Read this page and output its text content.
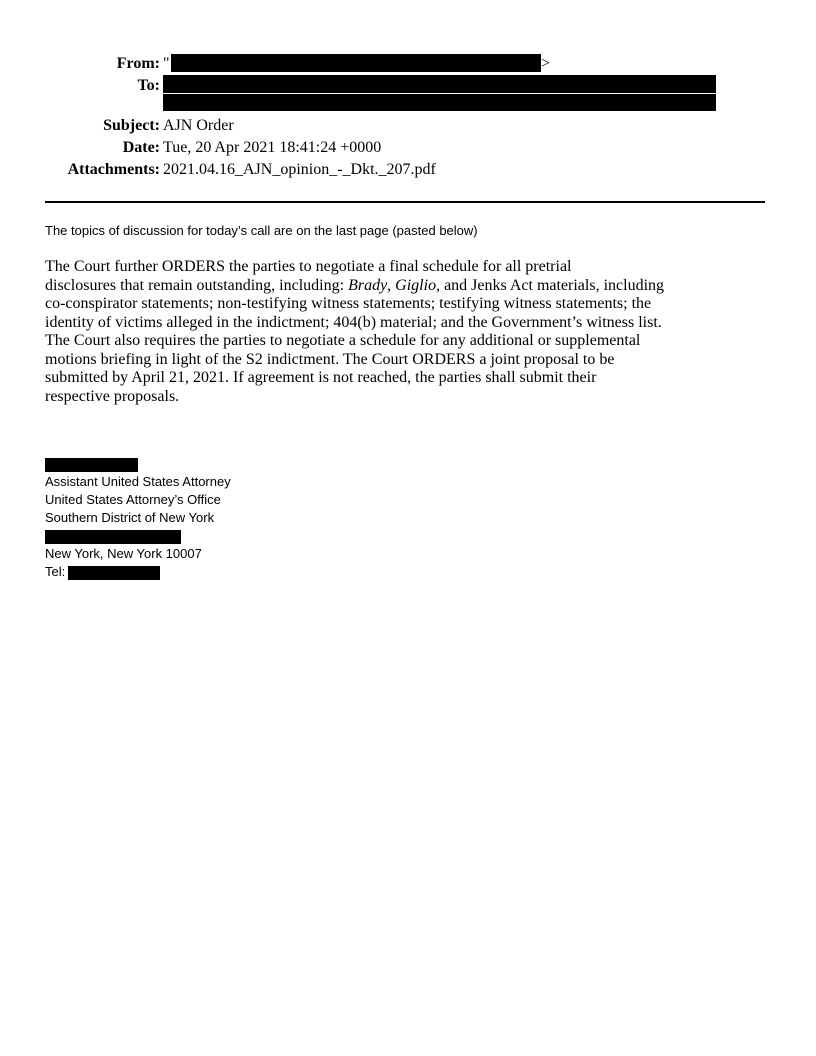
From: "	>
To:
Subject: AJN Order
Date: Tue, 20 Apr 2021 18:41:24 +0000
Attachments: 2021.04.16_AJN_opinion_-_Dkt._207.pdf
The topics of discussion for today’s call are on the last page (pasted below)
The Court further ORDERS the parties to negotiate a final schedule for all pretrial
disclosures that remain outstanding, including: Brady, Giglio, and Jenks Act materials, including
co-conspirator statements; non-testifying witness statements; testifying witness statements; the
identity of victims alleged in the indictment; 404(b) material; and the Government’s witness list.
The Court also requires the parties to negotiate a schedule for any additional or supplemental
motions briefing in light of the S2 indictment. The Court ORDERS a joint proposal to be
submitted by April 21, 2021. If agreement is not reached, the parties shall submit their
respective proposals.
Assistant United States Attorney
United States Attorney’s Office
Southern District of New York
New York, New York 10007
Tel:
